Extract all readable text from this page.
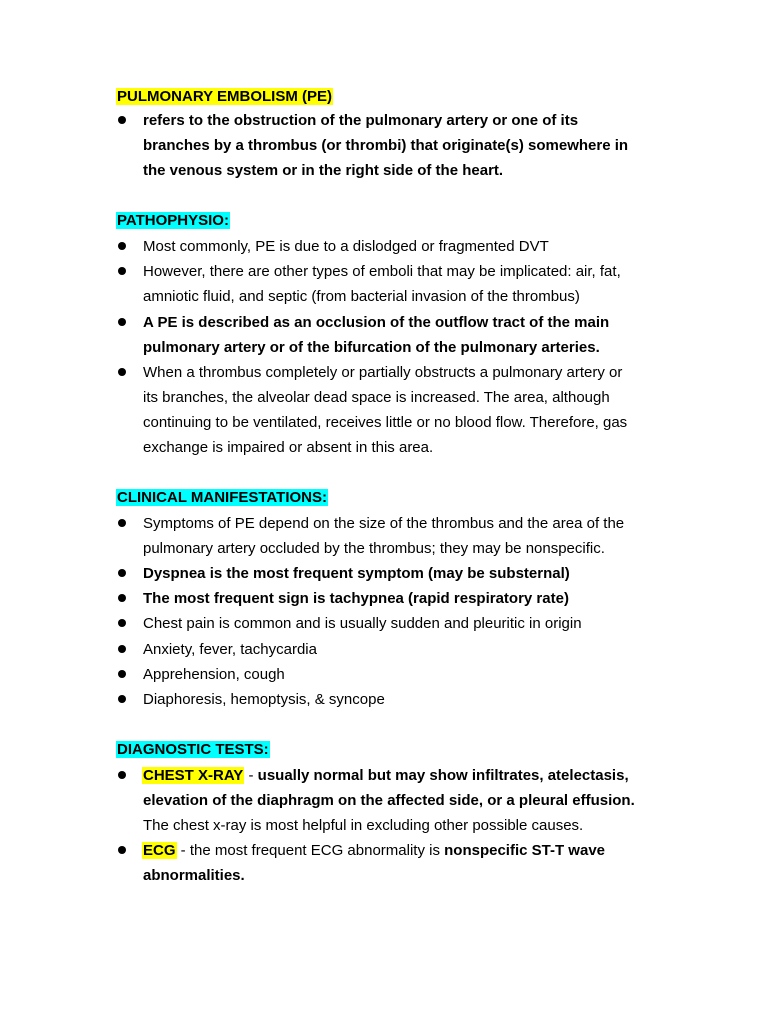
PULMONARY EMBOLISM (PE)
refers to the obstruction of the pulmonary artery or one of its
branches by a thrombus (or thrombi) that originate(s) somewhere in
the venous system or in the right side of the heart.
PATHOPHYSIO:
Most commonly, PE is due to a dislodged or fragmented DVT
However, there are other types of emboli that may be implicated: air, fat,
amniotic fluid, and septic (from bacterial invasion of the thrombus)
A PE is described as an occlusion of the outflow tract of the main
pulmonary artery or of the bifurcation of the pulmonary arteries.
When a thrombus completely or partially obstructs a pulmonary artery or
its branches, the alveolar dead space is increased. The area, although
continuing to be ventilated, receives little or no blood flow. Therefore, gas
exchange is impaired or absent in this area.
CLINICAL MANIFESTATIONS:
Symptoms of PE depend on the size of the thrombus and the area of the
pulmonary artery occluded by the thrombus; they may be nonspecific.
Dyspnea is the most frequent symptom (may be substernal)
The most frequent sign is tachypnea (rapid respiratory rate)
Chest pain is common and is usually sudden and pleuritic in origin
Anxiety, fever, tachycardia
Apprehension, cough
Diaphoresis, hemoptysis, & syncope
DIAGNOSTIC TESTS:
CHEST X-RAY - usually normal but may show infiltrates, atelectasis,
elevation of the diaphragm on the affected side, or a pleural effusion.
The chest x-ray is most helpful in excluding other possible causes.
ECG - the most frequent ECG abnormality is nonspecific ST-T wave
abnormalities.
